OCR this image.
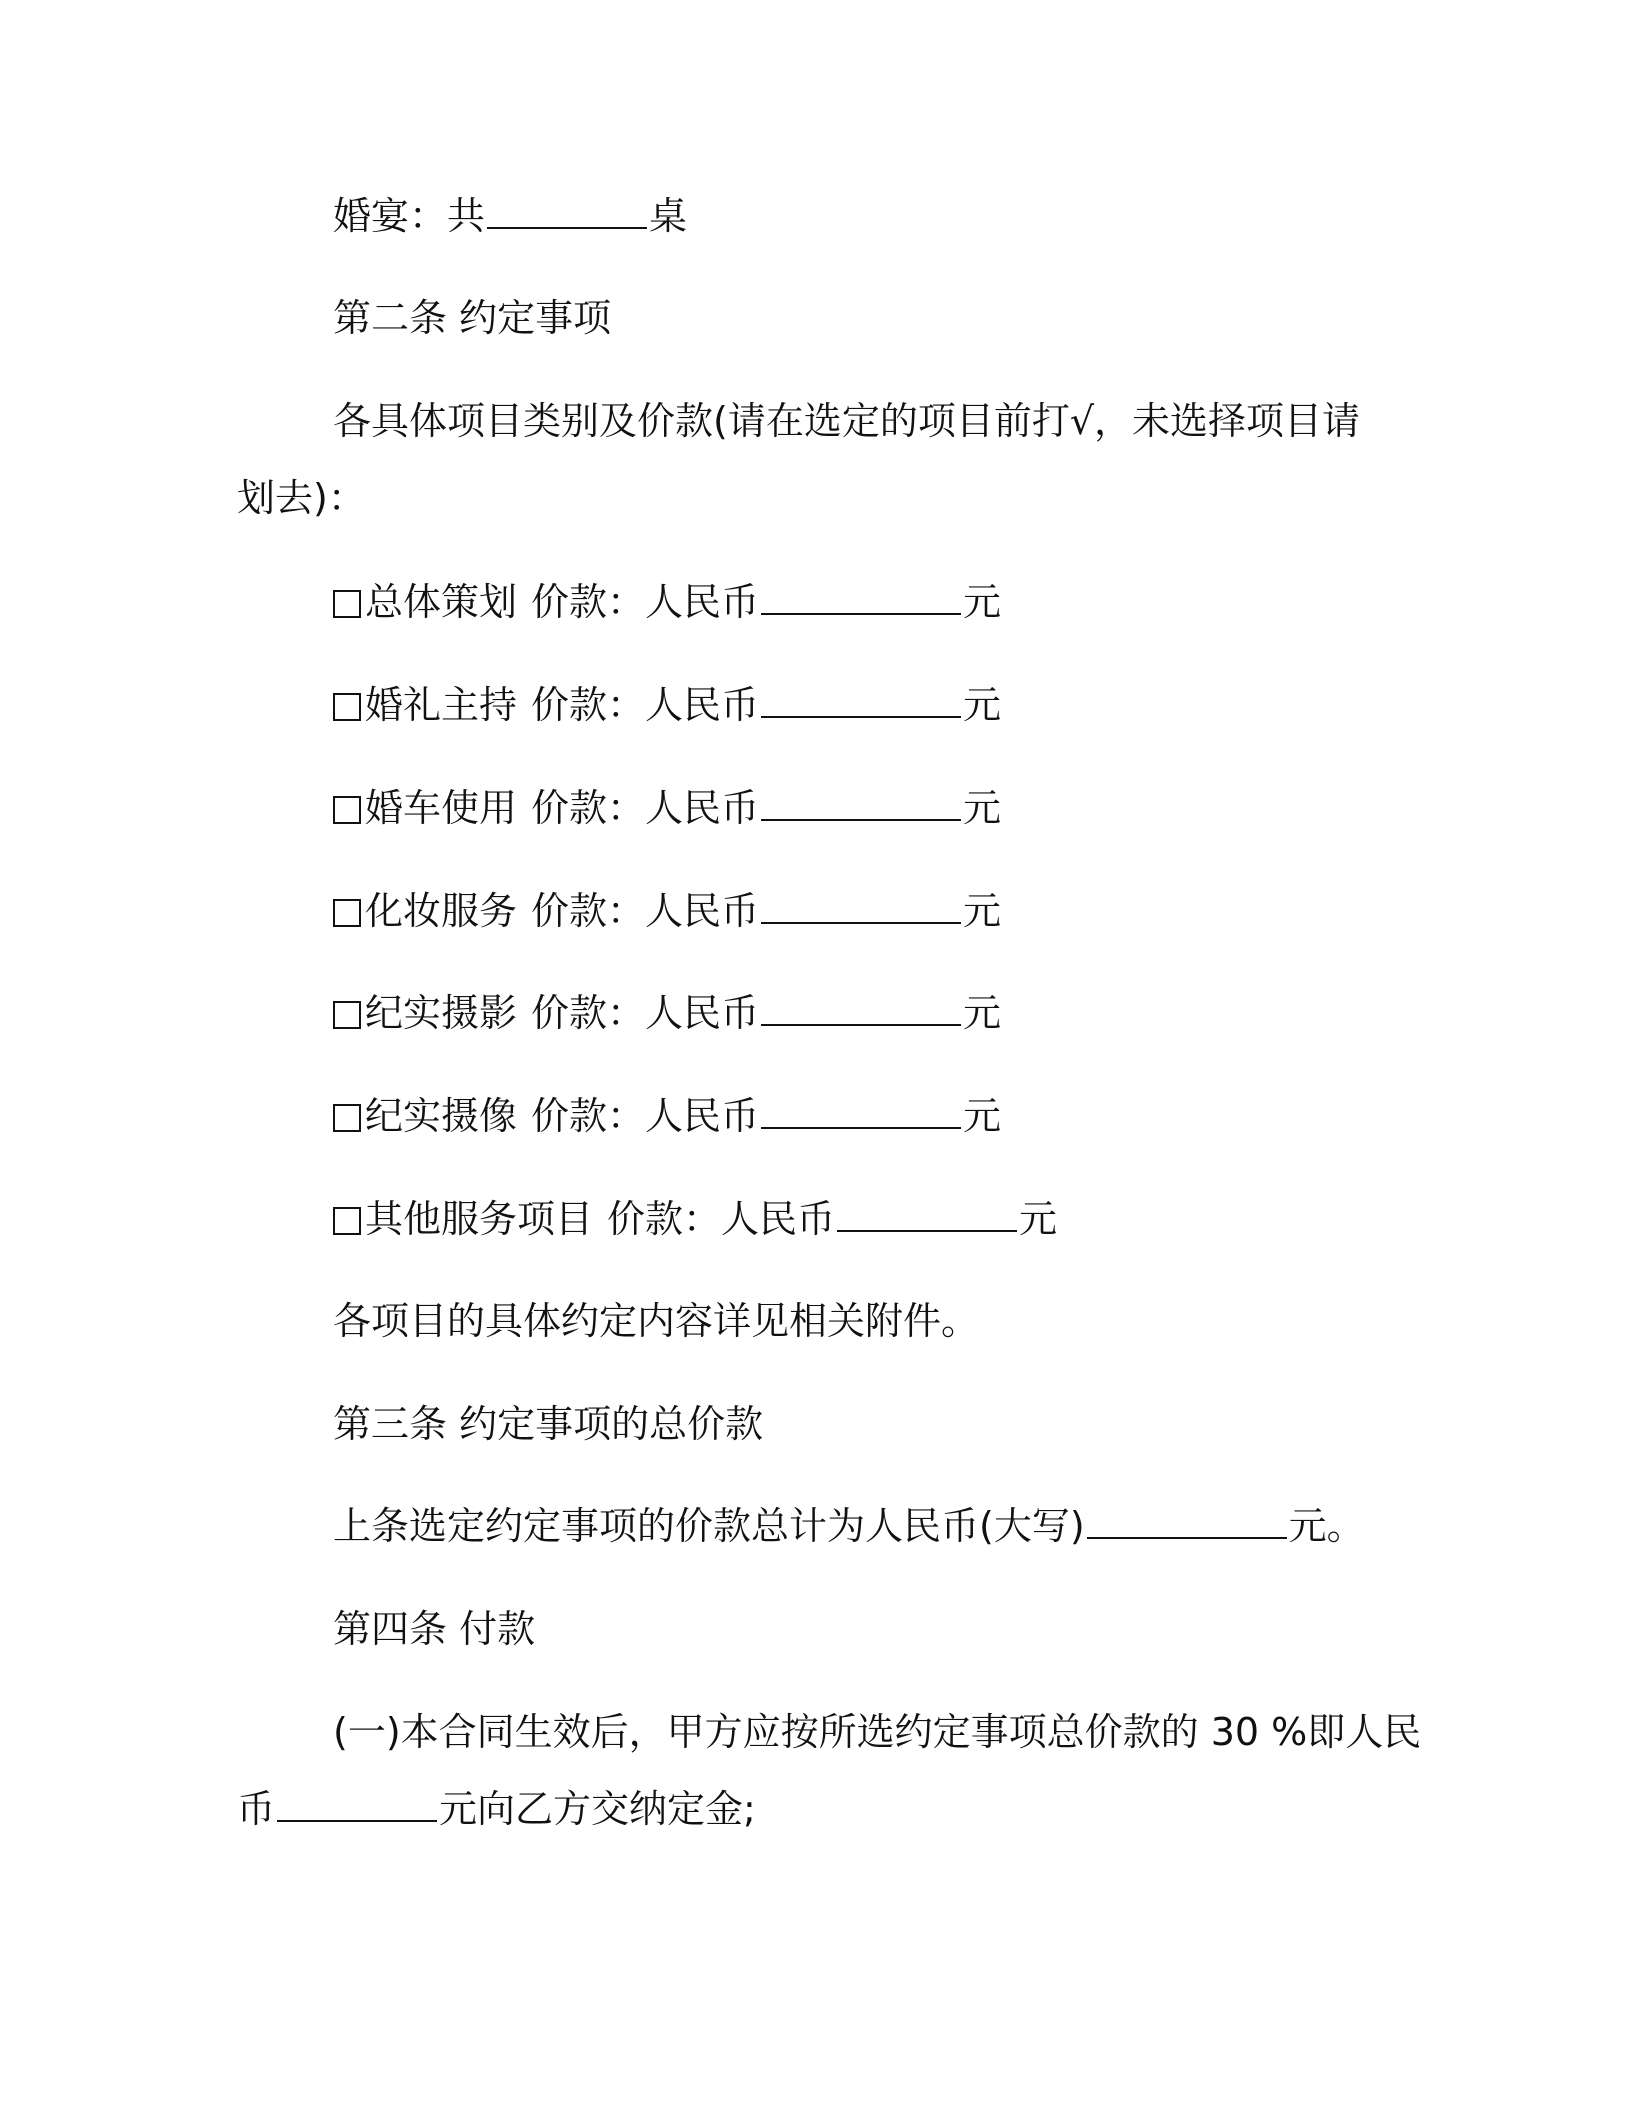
婚宴：共	桌
第二条 约定事项
各具体项目类别及价款(请在选定的项目前打√，未选择项目请
划去)：
总体策划 价款：人民币	元
婚礼主持 价款：人民币	元
婚车使用 价款：人民币	元
化妆服务 价款：人民币	元
纪实摄影 价款：人民币	元
纪实摄像 价款：人民币	元
其他服务项目 价款：人民币	元
各项目的具体约定内容详见相关附件。
第三条 约定事项的总价款
上条选定约定事项的价款总计为人民币(大写)	元。
第四条 付款
(一)本合同生效后，甲方应按所选约定事项总价款的 30 %即人民
币	元向乙方交纳定金;
